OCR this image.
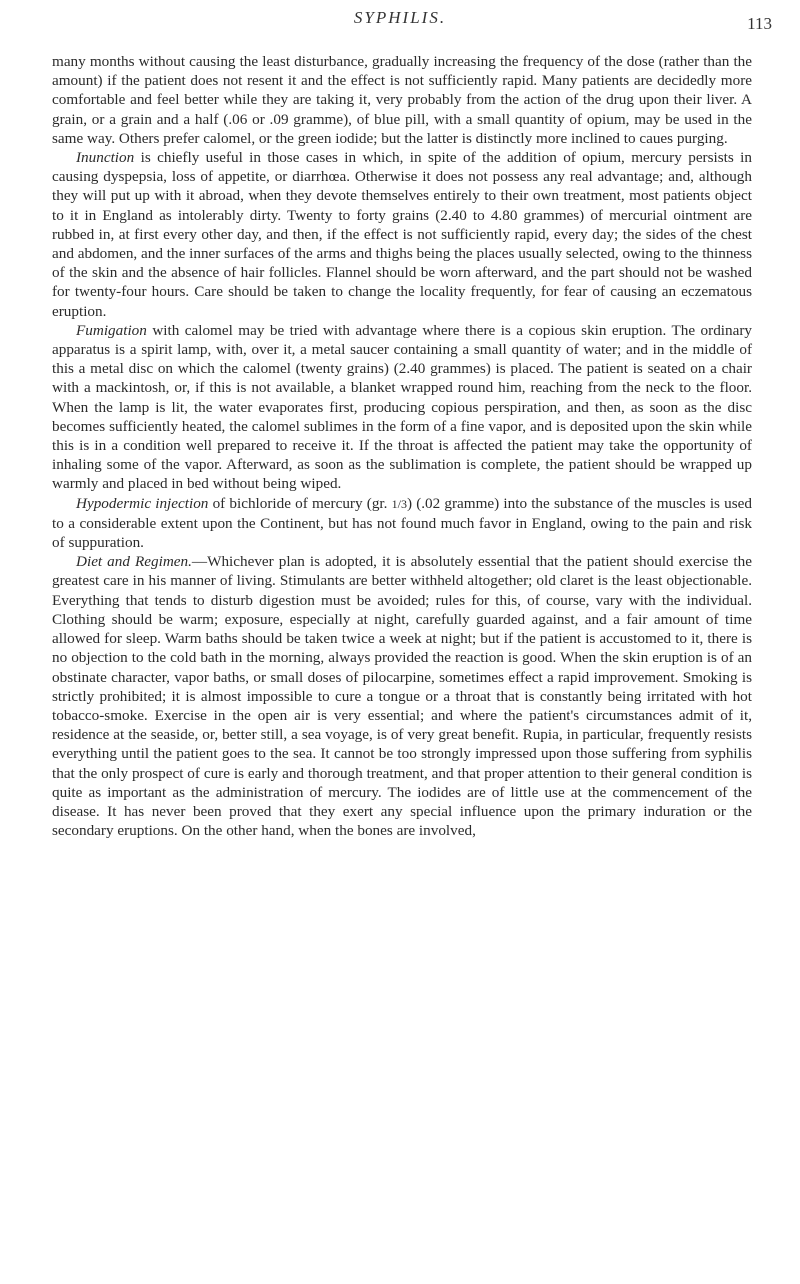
SYPHILIS.	113

many months without causing the least disturbance, gradually increasing the frequency of the dose (rather than the amount) if the patient does not resent it and the effect is not sufficiently rapid. Many patients are decidedly more comfortable and feel better while they are taking it, very probably from the action of the drug upon their liver. A grain, or a grain and a half (.06 or .09 gramme), of blue pill, with a small quantity of opium, may be used in the same way. Others prefer calomel, or the green iodide; but the latter is distinctly more inclined to caues purging.

Inunction is chiefly useful in those cases in which, in spite of the addition of opium, mercury persists in causing dyspepsia, loss of appetite, or diarrhœa. Otherwise it does not possess any real advantage; and, although they will put up with it abroad, when they devote themselves entirely to their own treatment, most patients object to it in England as intolerably dirty. Twenty to forty grains (2.40 to 4.80 grammes) of mercurial ointment are rubbed in, at first every other day, and then, if the effect is not sufficiently rapid, every day; the sides of the chest and abdomen, and the inner surfaces of the arms and thighs being the places usually selected, owing to the thinness of the skin and the absence of hair follicles. Flannel should be worn afterward, and the part should not be washed for twenty-four hours. Care should be taken to change the locality frequently, for fear of causing an eczematous eruption.

Fumigation with calomel may be tried with advantage where there is a copious skin eruption. The ordinary apparatus is a spirit lamp, with, over it, a metal saucer containing a small quantity of water; and in the middle of this a metal disc on which the calomel (twenty grains) (2.40 grammes) is placed. The patient is seated on a chair with a mackintosh, or, if this is not available, a blanket wrapped round him, reaching from the neck to the floor. When the lamp is lit, the water evaporates first, producing copious perspiration, and then, as soon as the disc becomes sufficiently heated, the calomel sublimes in the form of a fine vapor, and is deposited upon the skin while this is in a condition well prepared to receive it. If the throat is affected the patient may take the opportunity of inhaling some of the vapor. Afterward, as soon as the sublimation is complete, the patient should be wrapped up warmly and placed in bed without being wiped.

Hypodermic injection of bichloride of mercury (gr. 1/3) (.02 gramme) into the substance of the muscles is used to a considerable extent upon the Continent, but has not found much favor in England, owing to the pain and risk of suppuration.

Diet and Regimen.—Whichever plan is adopted, it is absolutely essential that the patient should exercise the greatest care in his manner of living. Stimulants are better withheld altogether; old claret is the least objectionable. Everything that tends to disturb digestion must be avoided; rules for this, of course, vary with the individual. Clothing should be warm; exposure, especially at night, carefully guarded against, and a fair amount of time allowed for sleep. Warm baths should be taken twice a week at night; but if the patient is accustomed to it, there is no objection to the cold bath in the morning, always provided the reaction is good. When the skin eruption is of an obstinate character, vapor baths, or small doses of pilocarpine, sometimes effect a rapid improvement. Smoking is strictly prohibited; it is almost impossible to cure a tongue or a throat that is constantly being irritated with hot tobacco-smoke. Exercise in the open air is very essential; and where the patient's circumstances admit of it, residence at the seaside, or, better still, a sea voyage, is of very great benefit. Rupia, in particular, frequently resists everything until the patient goes to the sea. It cannot be too strongly impressed upon those suffering from syphilis that the only prospect of cure is early and thorough treatment, and that proper attention to their general condition is quite as important as the administration of mercury. The iodides are of little use at the commencement of the disease. It has never been proved that they exert any special influence upon the primary induration or the secondary eruptions. On the other hand, when the bones are involved,
